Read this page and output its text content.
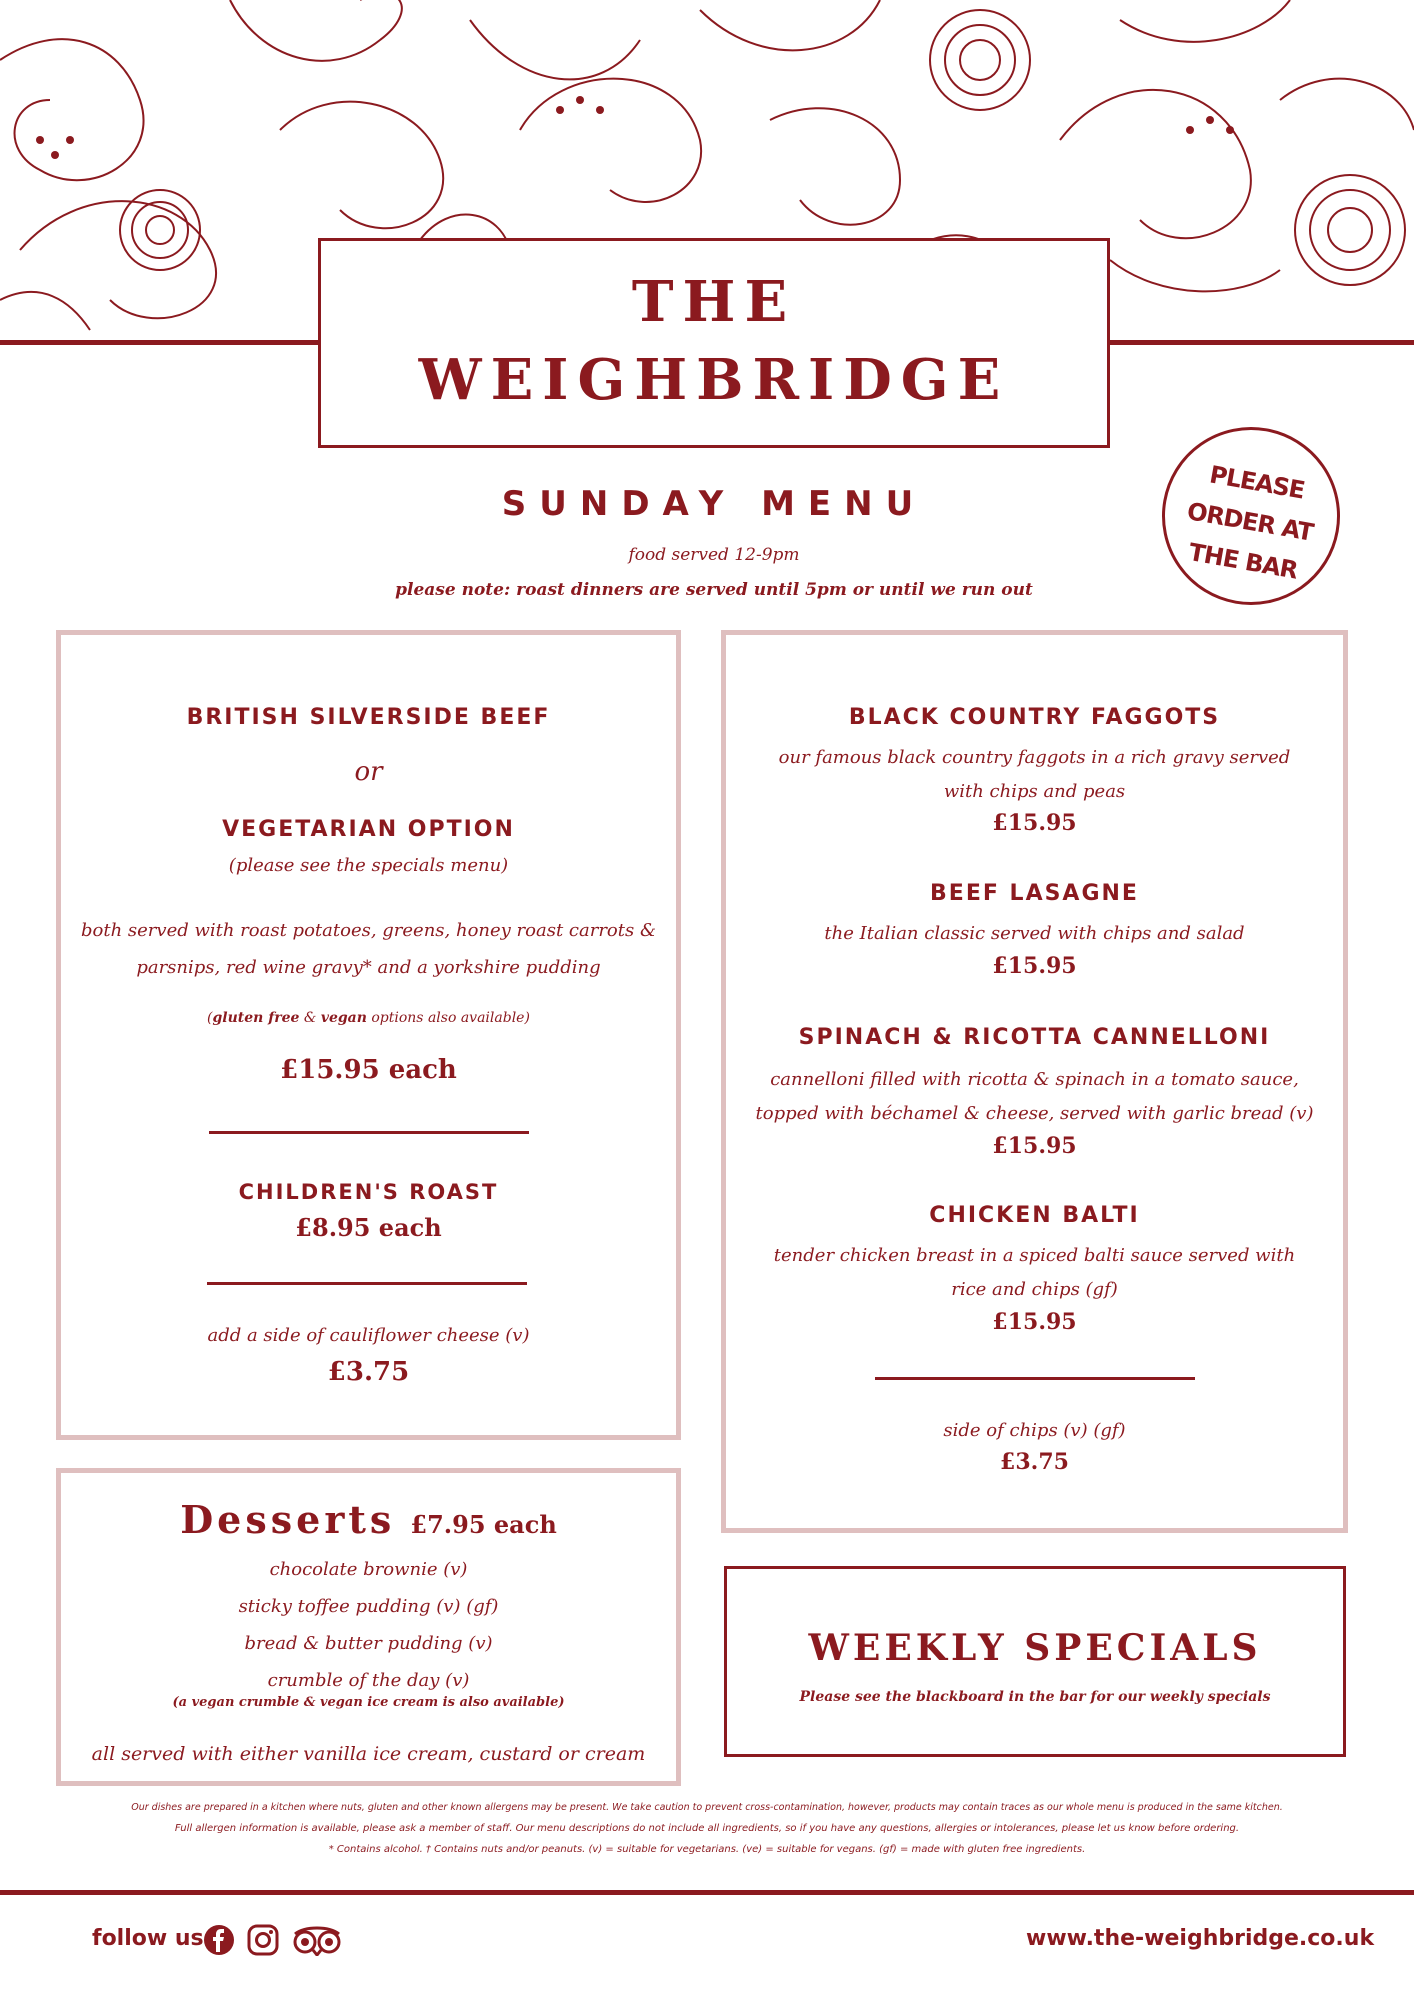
THE
WEIGHBRIDGE
PLEASE
ORDER AT
THE BAR
SUNDAY MENU
food served 12-9pm
please note: roast dinners are served until 5pm or until we run out
BRITISH SILVERSIDE BEEF
or
VEGETARIAN OPTION
(please see the specials menu)
both served with roast potatoes, greens, honey roast carrots &
parsnips, red wine gravy* and a yorkshire pudding
(gluten free & vegan options also available)
£15.95 each
CHILDREN'S ROAST
£8.95 each
add a side of cauliflower cheese (v)
£3.75
BLACK COUNTRY FAGGOTS
our famous black country faggots in a rich gravy served
with chips and peas
£15.95
BEEF LASAGNE
the Italian classic served with chips and salad
£15.95
SPINACH & RICOTTA CANNELLONI
cannelloni filled with ricotta & spinach in a tomato sauce,
topped with béchamel & cheese, served with garlic bread (v)
£15.95
CHICKEN BALTI
tender chicken breast in a spiced balti sauce served with
rice and chips (gf)
£15.95
side of chips (v) (gf)
£3.75
Desserts £7.95 each
chocolate brownie (v)
sticky toffee pudding (v) (gf)
bread & butter pudding (v)
crumble of the day (v)
(a vegan crumble & vegan ice cream is also available)
all served with either vanilla ice cream, custard or cream
WEEKLY SPECIALS
Please see the blackboard in the bar for our weekly specials
Our dishes are prepared in a kitchen where nuts, gluten and other known allergens may be present. We take caution to prevent cross-contamination, however, products may contain traces as our whole menu is produced in the same kitchen.
Full allergen information is available, please ask a member of staff. Our menu descriptions do not include all ingredients, so if you have any questions, allergies or intolerances, please let us know before ordering.
* Contains alcohol. † Contains nuts and/or peanuts. (v) = suitable for vegetarians. (ve) = suitable for vegans. (gf) = made with gluten free ingredients.
follow us	www.the-weighbridge.co.uk
